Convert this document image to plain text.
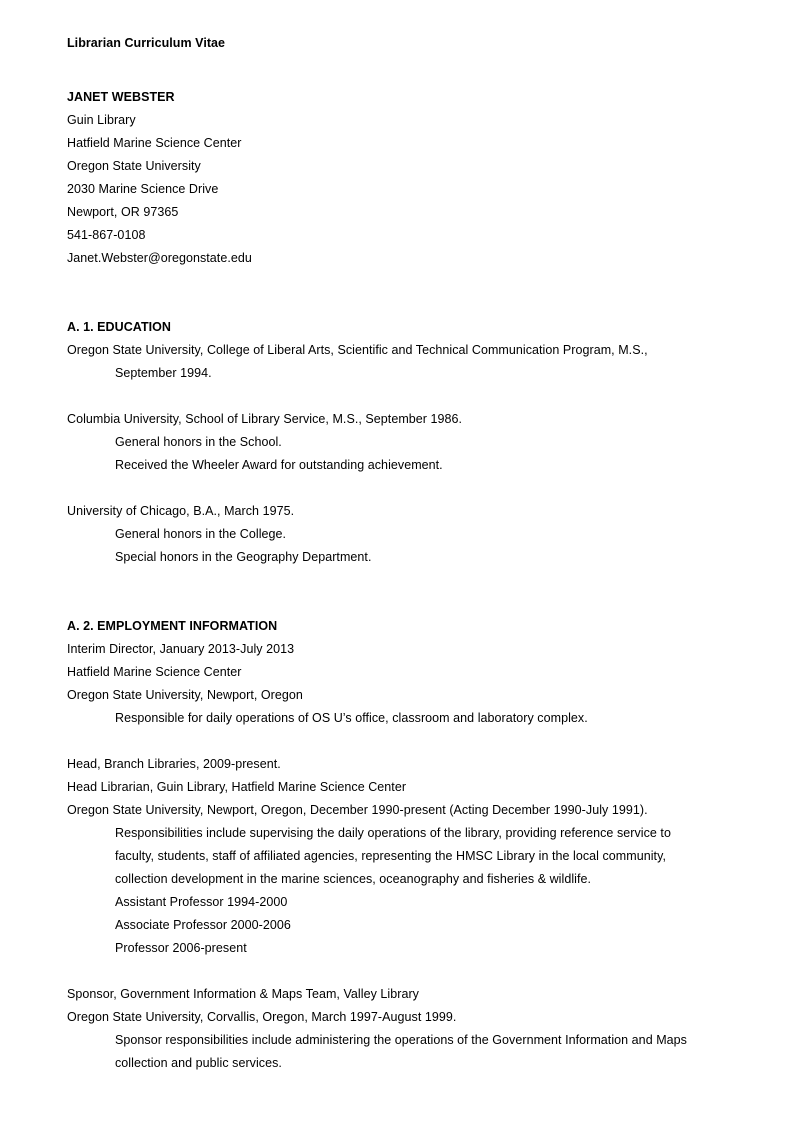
Librarian Curriculum Vitae
JANET WEBSTER
Guin Library
Hatfield Marine Science Center
Oregon State University
2030 Marine Science Drive
Newport, OR 97365
541-867-0108
Janet.Webster@oregonstate.edu
A. 1. EDUCATION
Oregon State University, College of Liberal Arts, Scientific and Technical Communication Program, M.S.,
September 1994.
Columbia University, School of Library Service, M.S., September 1986.
General honors in the School.
Received the Wheeler Award for outstanding achievement.
University of Chicago, B.A., March 1975.
General honors in the College.
Special honors in the Geography Department.
A. 2. EMPLOYMENT INFORMATION
Interim Director, January 2013-July 2013
Hatfield Marine Science Center
Oregon State University, Newport, Oregon
Responsible for daily operations of OS U’s office, classroom and laboratory complex.
Head, Branch Libraries, 2009-present.
Head Librarian, Guin Library, Hatfield Marine Science Center
Oregon State University, Newport, Oregon, December 1990-present (Acting December 1990-July 1991).
Responsibilities include supervising the daily operations of the library, providing reference service to
faculty, students, staff of affiliated agencies, representing the HMSC Library in the local community,
collection development in the marine sciences, oceanography and fisheries & wildlife.
Assistant Professor 1994-2000
Associate Professor 2000-2006
Professor 2006-present
Sponsor, Government Information & Maps Team, Valley Library
Oregon State University, Corvallis, Oregon, March 1997-August 1999.
Sponsor responsibilities include administering the operations of the Government Information and Maps
collection and public services.
